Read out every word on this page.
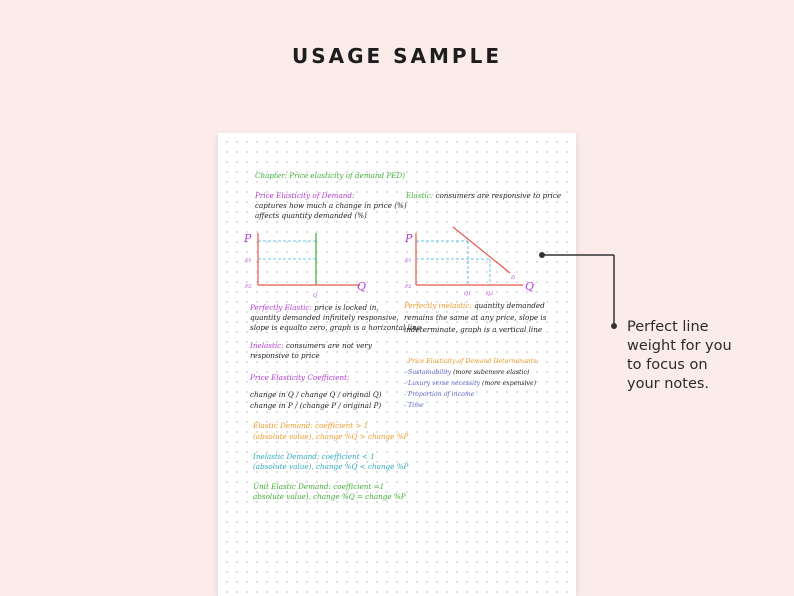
USAGE SAMPLE
Chapter: Price elasticity of demand PED)
Price Elasticity of Demand:
captures how much a change in price (%)
affects quantity demanded (%)
Elastic: consumers are responsive to price
P
P1
P2
Q
Q
P
P1
P2
Q1	Q2
D
Q
Perfectly Elastic: price is locked in,
quantity demanded infinitely responsive,
slope is equalto zero, graph is a horizontal line
Perfectly inelastic: quantity demanded
remains the same at any price, slope is
indeterminate, graph is a vertical line
Inelastic: consumers are not very
responsive to price
Price Elasticity of Demand Determinants:
- Sustainability (more subcmore elastic)
- Luxury verse necessity (more expensive)
- Proportion of income
- Time
Price Elasticity Coefficient:
change in Q / change Q / original Q)
change in P / (change P / original P)
Elastic Demand: coefficient > 1
(absolute value), change %Q > change %P
Inelastic Demand: coefficient < 1
(absolute value), change %Q < change %P
Unit Elastic Demand: coefficient =1
absolute value), change %Q = change %P
Perfect line
weight for you
to focus on
your notes.
